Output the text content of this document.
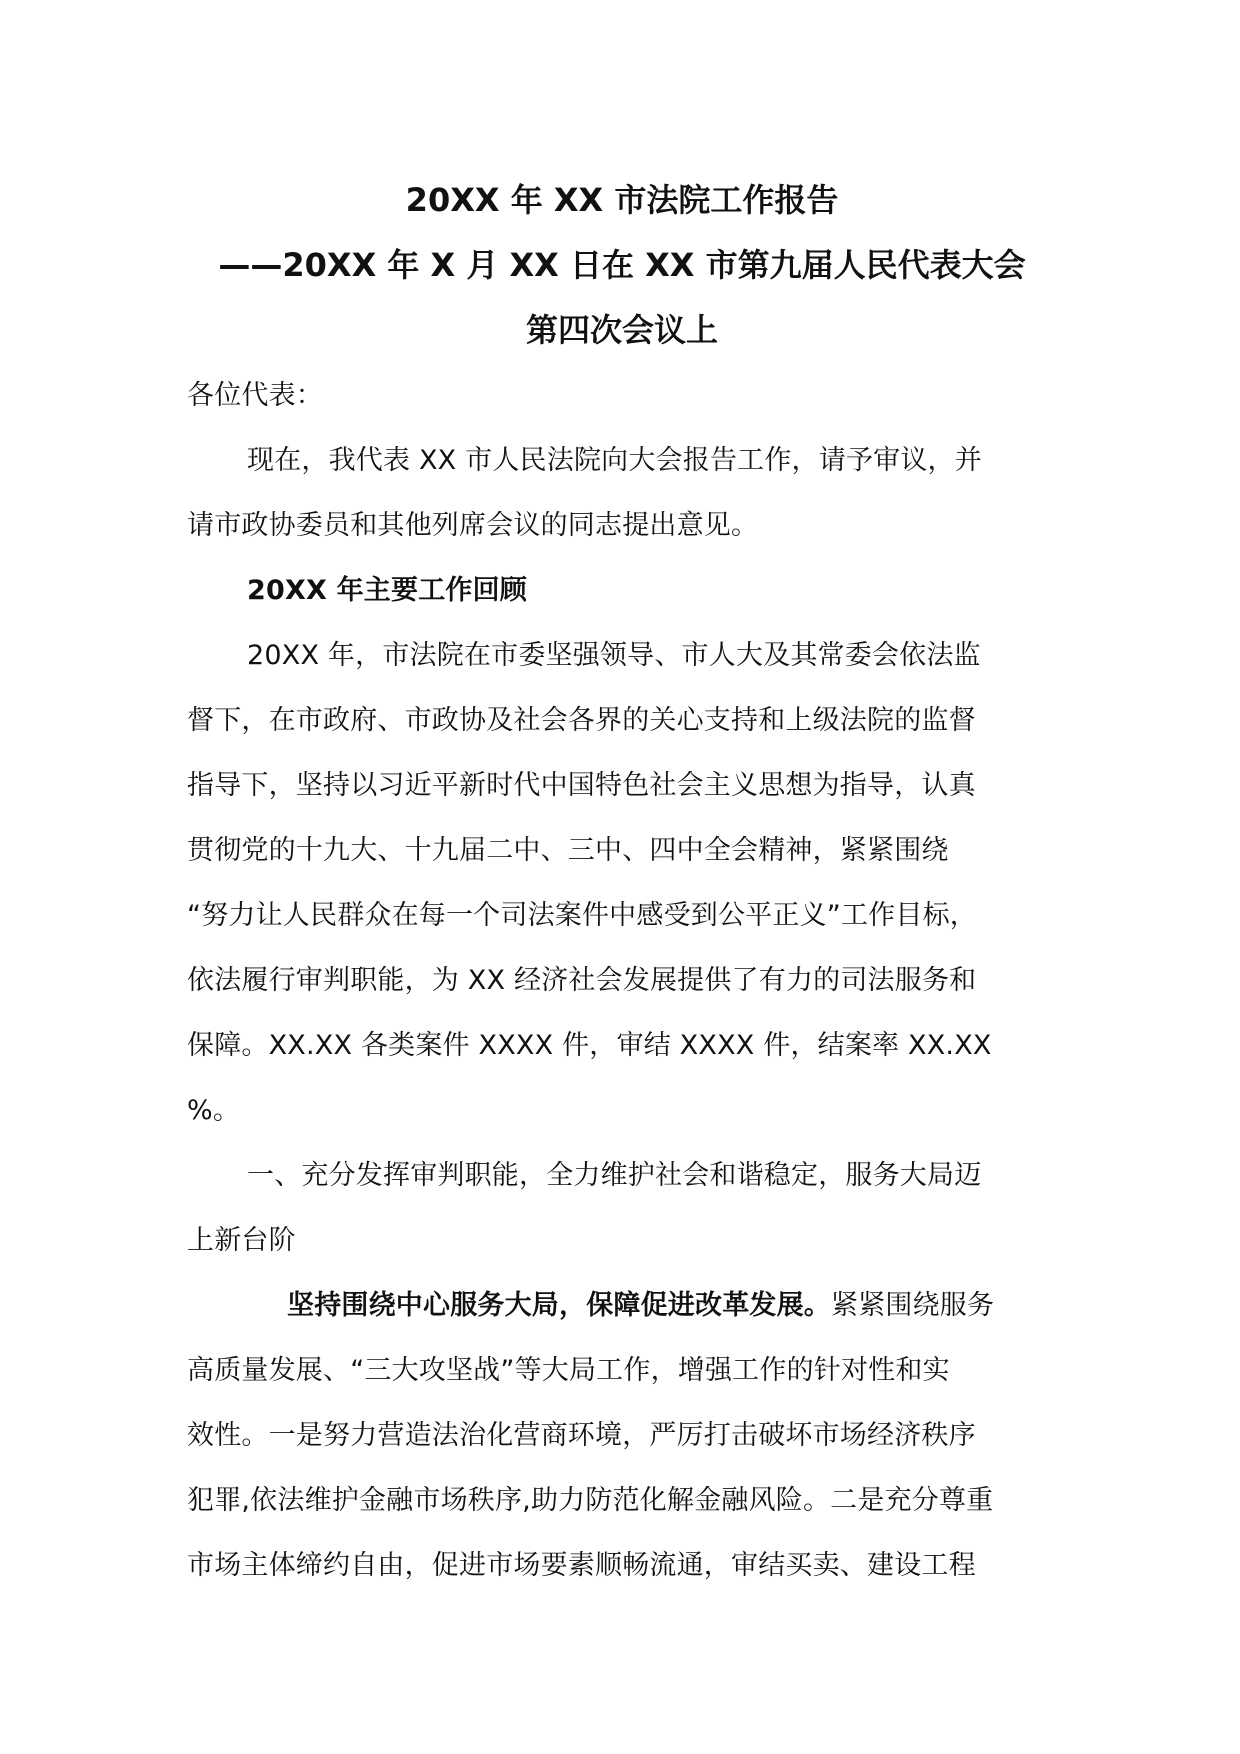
20XX 年 XX 市法院工作报告
——20XX 年 X 月 XX 日在 XX 市第九届人民代表大会
第四次会议上

各位代表：

现在，我代表 XX 市人民法院向大会报告工作，请予审议，并
请市政协委员和其他列席会议的同志提出意见。

20XX 年主要工作回顾

20XX 年，市法院在市委坚强领导、市人大及其常委会依法监
督下，在市政府、市政协及社会各界的关心支持和上级法院的监督
指导下，坚持以习近平新时代中国特色社会主义思想为指导，认真
贯彻党的十九大、十九届二中、三中、四中全会精神，紧紧围绕
“努力让人民群众在每一个司法案件中感受到公平正义”工作目标，
依法履行审判职能，为 XX 经济社会发展提供了有力的司法服务和
保障。XX.XX 各类案件 XXXX 件，审结 XXXX 件，结案率 XX.XX
%。

一、充分发挥审判职能，全力维护社会和谐稳定，服务大局迈
上新台阶

坚持围绕中心服务大局，保障促进改革发展。紧紧围绕服务
高质量发展、“三大攻坚战”等大局工作，增强工作的针对性和实
效性。一是努力营造法治化营商环境，严厉打击破坏市场经济秩序
犯罪,依法维护金融市场秩序,助力防范化解金融风险。二是充分尊重
市场主体缔约自由，促进市场要素顺畅流通，审结买卖、建设工程
